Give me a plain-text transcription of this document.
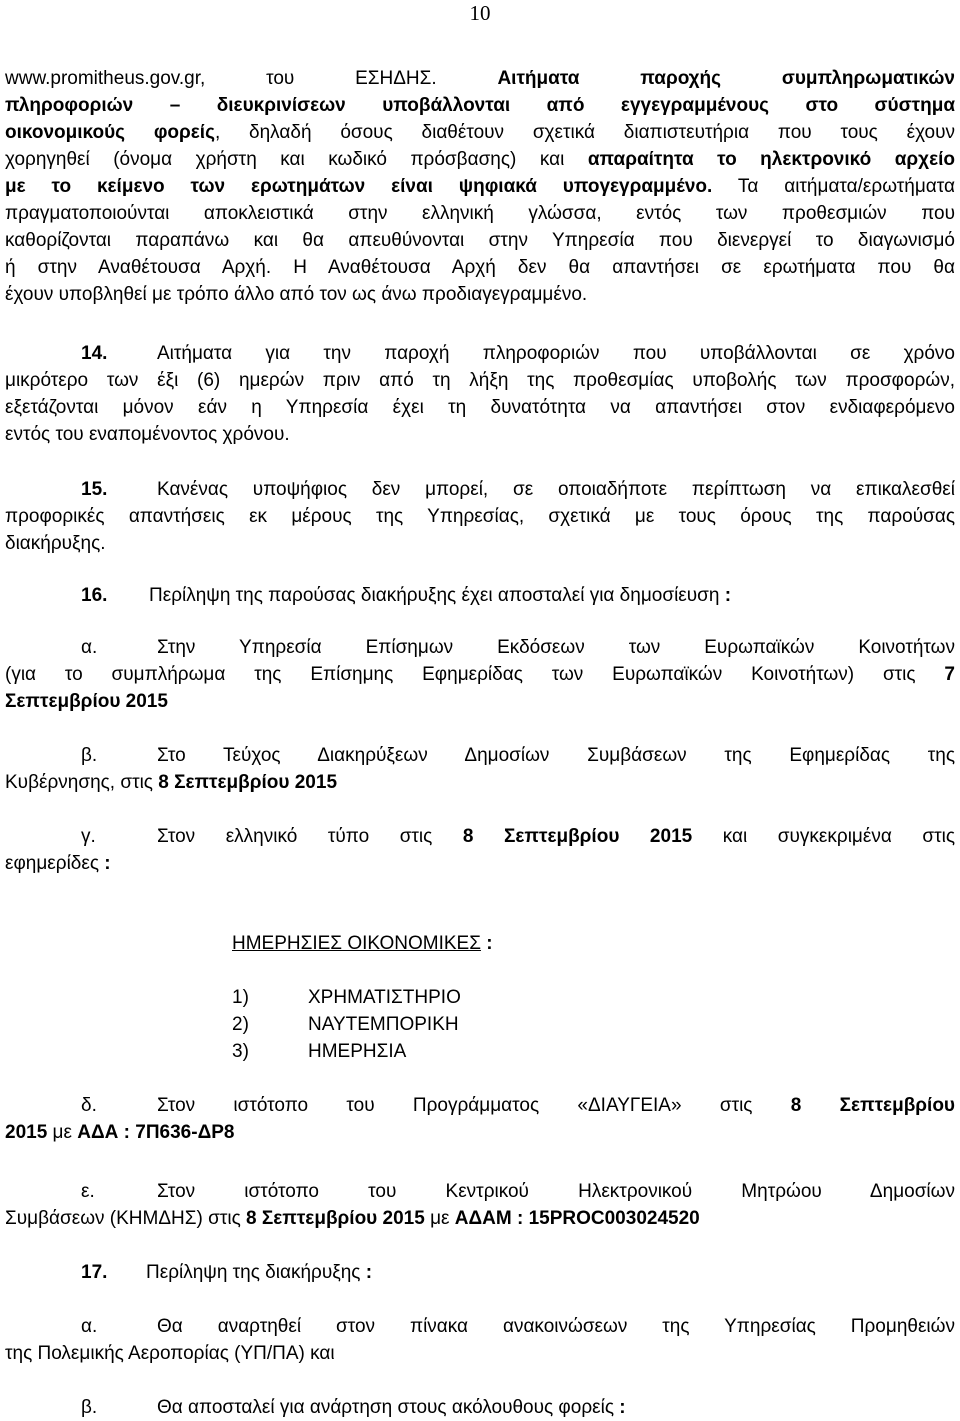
10
www.promitheus.gov.gr, του ΕΣΗΔΗΣ. Αιτήματα παροχής συμπληρωματικών
πληροφοριών – διευκρινίσεων υποβάλλονται από εγγεγραμμένους στο σύστημα
οικονομικούς φορείς, δηλαδή όσους διαθέτουν σχετικά διαπιστευτήρια που τους έχουν
χορηγηθεί (όνομα χρήστη και κωδικό πρόσβασης) και απαραίτητα το ηλεκτρονικό αρχείο
με το κείμενο των ερωτημάτων είναι ψηφιακά υπογεγραμμένο. Τα αιτήματα/ερωτήματα
πραγματοποιούνται αποκλειστικά στην ελληνική γλώσσα, εντός των προθεσμιών που
καθορίζονται παραπάνω και θα απευθύνονται στην Υπηρεσία που διενεργεί το διαγωνισμό
ή στην Αναθέτουσα Αρχή. Η Αναθέτουσα Αρχή δεν θα απαντήσει σε ερωτήματα που θα
έχουν υποβληθεί με τρόπο άλλο από τον ως άνω προδιαγεγραμμένο.
14.	Αιτήματα για την παροχή πληροφοριών που υποβάλλονται σε χρόνο
μικρότερο των έξι (6) ημερών πριν από τη λήξη της προθεσμίας υποβολής των προσφορών,
εξετάζονται μόνον εάν η Υπηρεσία έχει τη δυνατότητα να απαντήσει στον ενδιαφερόμενο
εντός του εναπομένοντος χρόνου.
15.	Κανένας υποψήφιος δεν μπορεί, σε οποιαδήποτε περίπτωση να επικαλεσθεί
προφορικές απαντήσεις εκ μέρους της Υπηρεσίας, σχετικά με τους όρους της παρούσας
διακήρυξης.
16. Περίληψη της παρούσας διακήρυξης έχει αποσταλεί για δημοσίευση :
α.	Στην Υπηρεσία Επίσημων Εκδόσεων των Ευρωπαϊκών Κοινοτήτων
(για το συμπλήρωμα της Επίσημης Εφημερίδας των Ευρωπαϊκών Κοινοτήτων) στις 7
Σεπτεμβρίου 2015
β.	Στο Τεύχος Διακηρύξεων Δημοσίων Συμβάσεων της Εφημερίδας της
Κυβέρνησης, στις 8 Σεπτεμβρίου 2015
γ.	Στον ελληνικό τύπο στις 8 Σεπτεμβρίου 2015 και συγκεκριμένα στις
εφημερίδες :
ΗΜΕΡΗΣΙΕΣ ΟΙΚΟΝΟΜΙΚΕΣ :
1)	ΧΡΗΜΑΤΙΣΤΗΡΙΟ
2)	ΝΑΥΤΕΜΠΟΡΙΚΗ
3)	ΗΜΕΡΗΣΙΑ
δ.	Στον ιστότοπο του Προγράμματος «ΔΙΑΥΓΕΙΑ» στις 8 Σεπτεμβρίου
2015 με ΑΔΑ : 7Π636-ΔΡ8
ε.	Στον ιστότοπο του Κεντρικού Ηλεκτρονικού Μητρώου Δημοσίων
Συμβάσεων (ΚΗΜΔΗΣ) στις 8 Σεπτεμβρίου 2015 με ΑΔΑΜ : 15PROC003024520
17. Περίληψη της διακήρυξης :
α.	Θα αναρτηθεί στον πίνακα ανακοινώσεων της Υπηρεσίας Προμηθειών
της Πολεμικής Αεροπορίας (ΥΠ/ΠΑ) και
β.	Θα αποσταλεί για ανάρτηση στους ακόλουθους φορείς :
